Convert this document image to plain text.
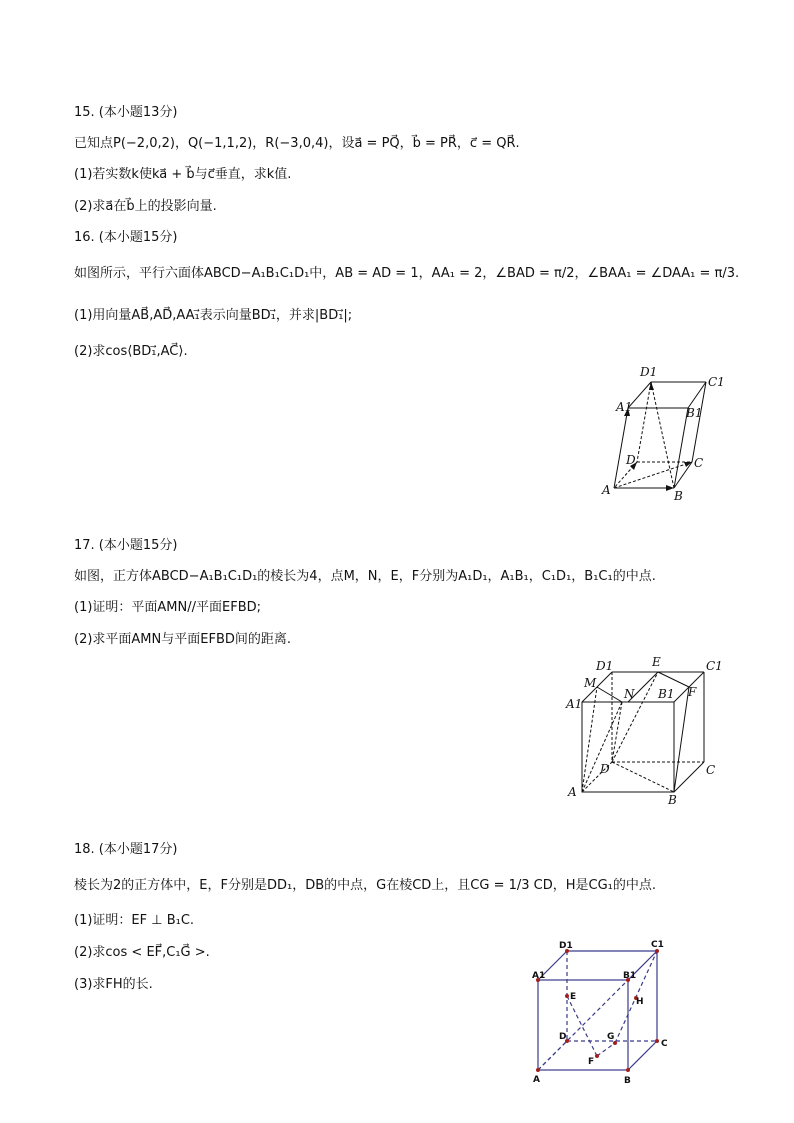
15. (本小题13分)
已知点P(−2,0,2)，Q(−1,1,2)，R(−3,0,4)，设a⃗ = PQ⃗，b⃗ = PR⃗，c⃗ = QR⃗.
(1)若实数k使ka⃗ + b⃗与c⃗垂直，求k值.
(2)求a⃗在b⃗上的投影向量.
16. (本小题15分)
如图所示，平行六面体ABCD−A₁B₁C₁D₁中，AB = AD = 1，AA₁ = 2，∠BAD = π/2，∠BAA₁ = ∠DAA₁ = π/3.
(1)用向量AB⃗,AD⃗,AA₁⃗表示向量BD₁⃗，并求|BD₁⃗|;
(2)求cos⟨BD₁⃗,AC⃗⟩.
D1
C1
A1	B1
D	C
A	B
17. (本小题15分)
如图，正方体ABCD−A₁B₁C₁D₁的棱长为4，点M，N，E，F分别为A₁D₁，A₁B₁，C₁D₁，B₁C₁的中点.
(1)证明：平面AMN//平面EFBD;
(2)求平面AMN与平面EFBD间的距离.
D1	E	C1
M
N B1 F
A1
D	C
A
B
18. (本小题17分)
棱长为2的正方体中，E，F分别是DD₁，DB的中点，G在棱CD上，且CG = 1/3 CD，H是CG₁的中点.
(1)证明：EF ⊥ B₁C.
(2)求cos < EF⃗,C₁G⃗ >.
(3)求FH的长.
D1	C1
A1	B1
E	H
D	G
C
F
A	B
